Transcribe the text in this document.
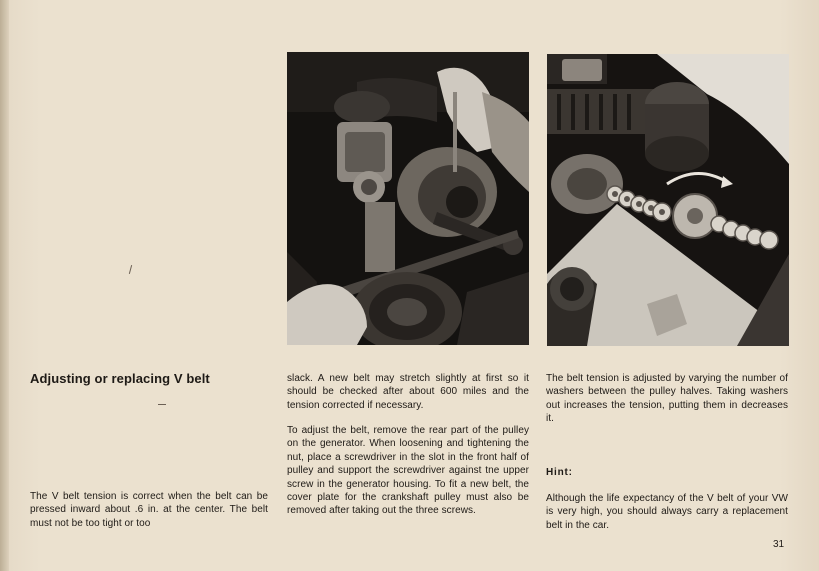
Adjusting or replacing V belt

The V belt tension is correct when the belt can be pressed inward about .6 in. at the center. The belt must not be too tight or too

slack. A new belt may stretch slightly at first so it should be checked after about 600 miles and the tension corrected if necessary.

To adjust the belt, remove the rear part of the pulley on the generator. When loosening and tightening the nut, place a screwdriver in the slot in the front half of pulley and support the screwdriver against tne upper screw in the generator housing. To fit a new belt, the cover plate for the crankshaft pulley must also be removed after taking out the three screws.

The belt tension is adjusted by varying the number of washers between the pulley halves. Taking washers out increases the tension, putting them in decreases it.

Hint:

Although the life expectancy of the V belt of your VW is very high, you should always carry a replacement belt in the car.

31
